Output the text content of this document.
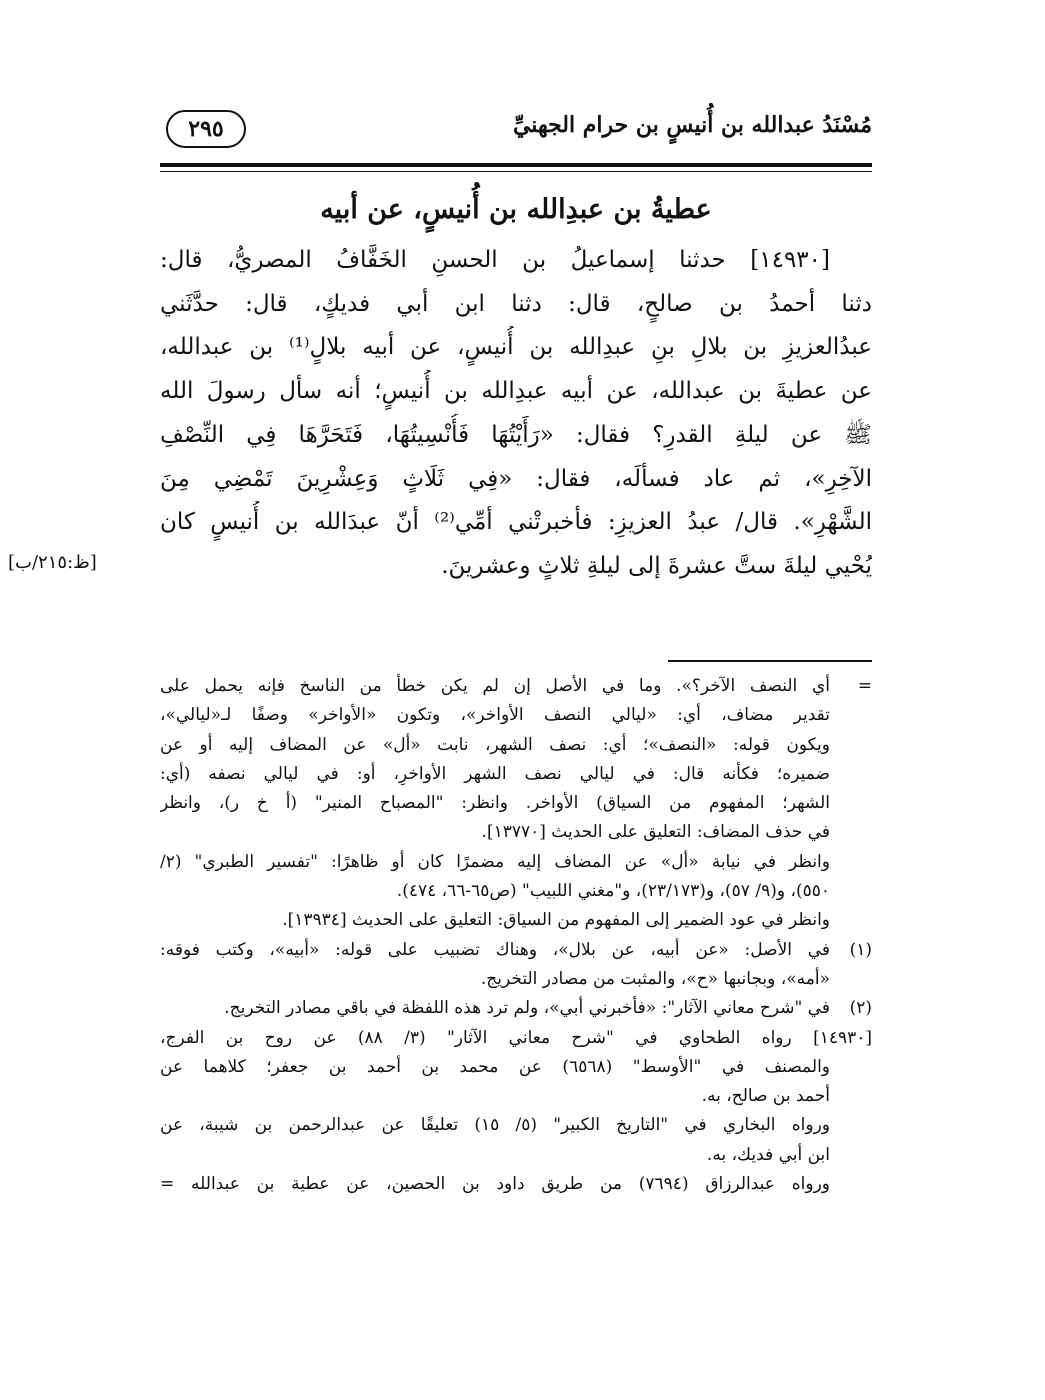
مُسْنَدُ عبدالله بن أُنيسٍ بن حرام الجهنيِّ
٢٩٥
عطيةُ بن عبدِالله بن أُنيسٍ، عن أبيه
[١٤٩٣٠] حدثنا إسماعيلُ بن الحسنِ الخَفَّافُ المصريُّ، قال:
دثنا أحمدُ بن صالحٍ، قال: دثنا ابن أبي فديكٍ، قال: حدَّثَني
عبدُالعزيزِ بن بلالِ بنِ عبدِالله بن أُنيسٍ، عن أبيه بلالٍ⁽¹⁾ بن عبدالله،
عن عطيةَ بن عبدالله، عن أبيه عبدِالله بن أُنيسٍ؛ أنه سأل رسولَ الله
ﷺ عن ليلةِ القدرِ؟ فقال: «رَأَيْتُهَا فَأُنْسِيتُهَا، فَتَحَرَّهَا فِي النِّصْفِ
الآخِرِ»، ثم عاد فسألَه، فقال: «فِي ثَلَاثٍ وَعِشْرِينَ تَمْضِي مِنَ
الشَّهْرِ». قال/ عبدُ العزيزِ: فأخبرتْني أمِّي⁽²⁾ أنّ عبدَالله بن أُنيسٍ كان
يُحْيي ليلةَ ستَّ عشرةَ إلى ليلةِ ثلاثٍ وعشرينَ.
[ظ:٢١٥/ب]
=أي النصف الآخر؟». وما في الأصل إن لم يكن خطأ من الناسخ فإنه يحمل على
تقدير مضاف، أي: «ليالي النصف الأواخر»، وتكون «الأواخر» وصفًا لـ«ليالي»،
ويكون قوله: «النصف»؛ أي: نصف الشهر، نابت «أل» عن المضاف إليه أو عن
ضميره؛ فكأنه قال: في ليالي نصف الشهر الأواخرِ، أو: في ليالي نصفه (أي:
الشهر؛ المفهوم من السياق) الأواخر. وانظر: "المصباح المنير" (أ خ ر)، وانظر
في حذف المضاف: التعليق على الحديث [١٣٧٧٠].
وانظر في نيابة «أل» عن المضاف إليه مضمرًا كان أو ظاهرًا: "تفسير الطبري" (٢/
٥٥٠)، و(٩/ ٥٧)، و(٢٣/١٧٣)، و"مغني اللبيب" (ص٦٥-٦٦، ٤٧٤).
وانظر في عود الضمير إلى المفهوم من السياق: التعليق على الحديث [١٣٩٣٤].
(١)في الأصل: «عن أبيه، عن بلال»، وهناك تضبيب على قوله: «أبيه»، وكتب فوقه:
«أمه»، وبجانبها «ح»، والمثبت من مصادر التخريج.
(٢)في "شرح معاني الآثار": «فأخبرني أبي»، ولم ترد هذه اللفظة في باقي مصادر التخريج.
[١٤٩٣٠] رواه الطحاوي في "شرح معاني الآثار" (٣/ ٨٨) عن روح بن الفرج،
والمصنف في "الأوسط" (٦٥٦٨) عن محمد بن أحمد بن جعفر؛ كلاهما عن
أحمد بن صالح، به.
ورواه البخاري في "التاريخ الكبير" (٥/ ١٥) تعليقًا عن عبدالرحمن بن شيبة، عن
ابن أبي فديك، به.
ورواه عبدالرزاق (٧٦٩٤) من طريق داود بن الحصين، عن عطية بن عبدالله =
